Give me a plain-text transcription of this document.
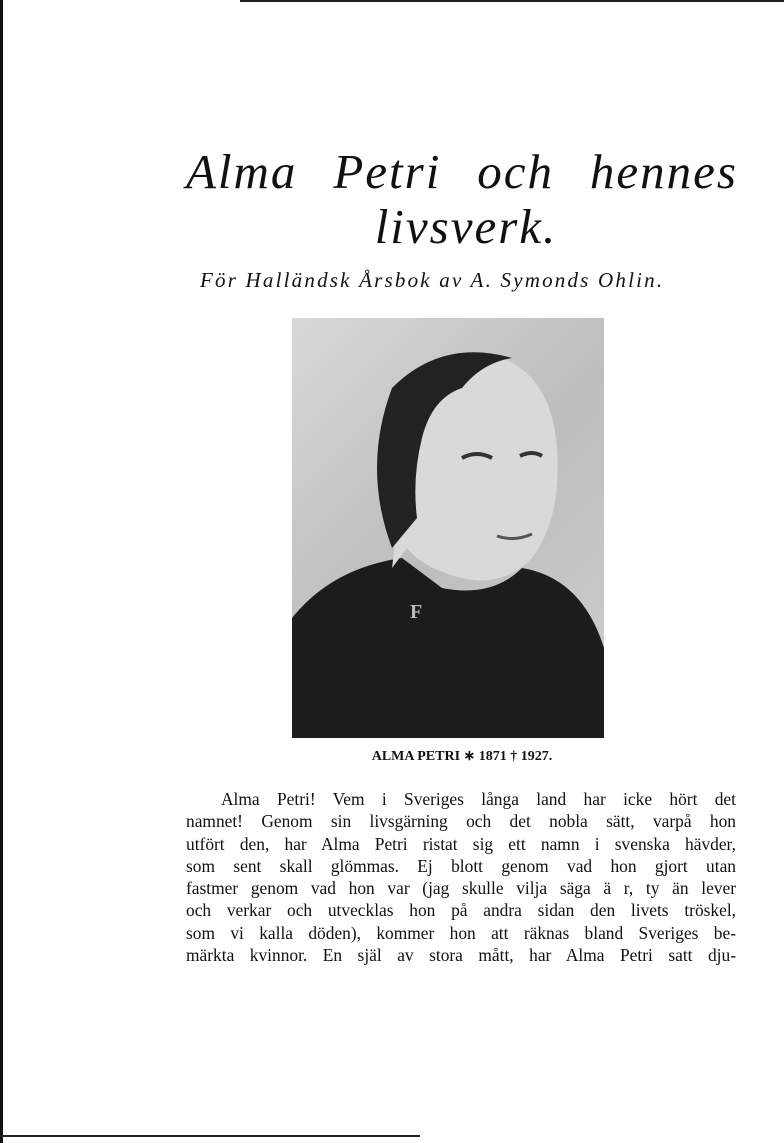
Alma Petri och hennes
livsverk.
För Halländsk Årsbok av A. Symonds Ohlin.
F
ALMA PETRI ∗ 1871 † 1927.
Alma Petri! Vem i Sveriges långa land har icke hört det
namnet! Genom sin livsgärning och det nobla sätt, varpå hon
utfört den, har Alma Petri ristat sig ett namn i svenska hävder,
som sent skall glömmas. Ej blott genom vad hon gjort utan
fastmer genom vad hon var (jag skulle vilja säga ä r, ty än lever
och verkar och utvecklas hon på andra sidan den livets tröskel,
som vi kalla döden), kommer hon att räknas bland Sveriges be-
märkta kvinnor. En själ av stora mått, har Alma Petri satt dju-
